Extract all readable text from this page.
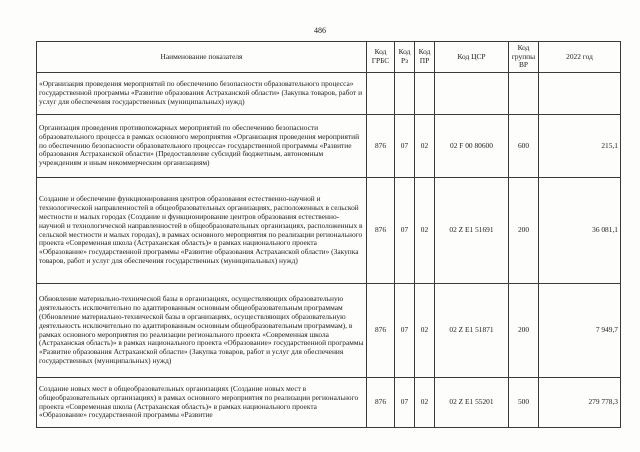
486
Наименование показателя	Код ГРБС	Код Рз	Код ПР	Код ЦСР	Код группы ВР	2022 год
«Организация проведения мероприятий по обеспечению безопасности образовательного процесса» государственной программы «Развитие образования Астраханской области» (Закупка товаров, работ и услуг для обеспечения государственных (муниципальных) нужд)						
Организация проведения противопожарных мероприятий по обеспечению безопасности образовательного процесса в рамках основного мероприятия «Организация проведения мероприятий по обеспечению безопасности образовательного процесса» государственной программы «Развитие образования Астраханской области» (Предоставление субсидий бюджетным, автономным учреждениям и иным некоммерческим организациям)	876	07	02	02 F 00 80600	600	215,1
Создание и обеспечение функционирования центров образования естественно-научной и технологической направленностей в общеобразовательных организациях, расположенных в сельской местности и малых городах (Создание и функционирование центров образования естественно-научной и технологической направленностей в общеобразовательных организациях, расположенных в сельской местности и малых городах), в рамках основного мероприятия по реализации регионального проекта «Современная школа (Астраханская область)» в рамках национального проекта «Образование» государственной программы «Развитие образования Астраханской области» (Закупка товаров, работ и услуг для обеспечения государственных (муниципальных) нужд)	876	07	02	02 Z E1 51691	200	36 081,1
Обновление материально-технической базы в организациях, осуществляющих образовательную деятельность исключительно по адаптированным основным общеобразовательным программам (Обновление материально-технической базы в организациях, осуществляющих образовательную деятельность исключительно по адаптированным основным общеобразовательным программам), в рамках основного мероприятия по реализации регионального проекта «Современная школа (Астраханская область)» в рамках национального проекта «Образование» государственной программы «Развитие образования Астраханской области» (Закупка товаров, работ и услуг для обеспечения государственных (муниципальных) нужд)	876	07	02	02 Z E1 51871	200	7 949,7
Создание новых мест в общеобразовательных организациях (Создание новых мест в общеобразовательных организациях) в рамках основного мероприятия по реализации регионального проекта «Современная школа (Астраханская область)» в рамках национального проекта «Образование» государственной программы «Развитие	876	07	02	02 Z E1 55201	500	279 778,3
